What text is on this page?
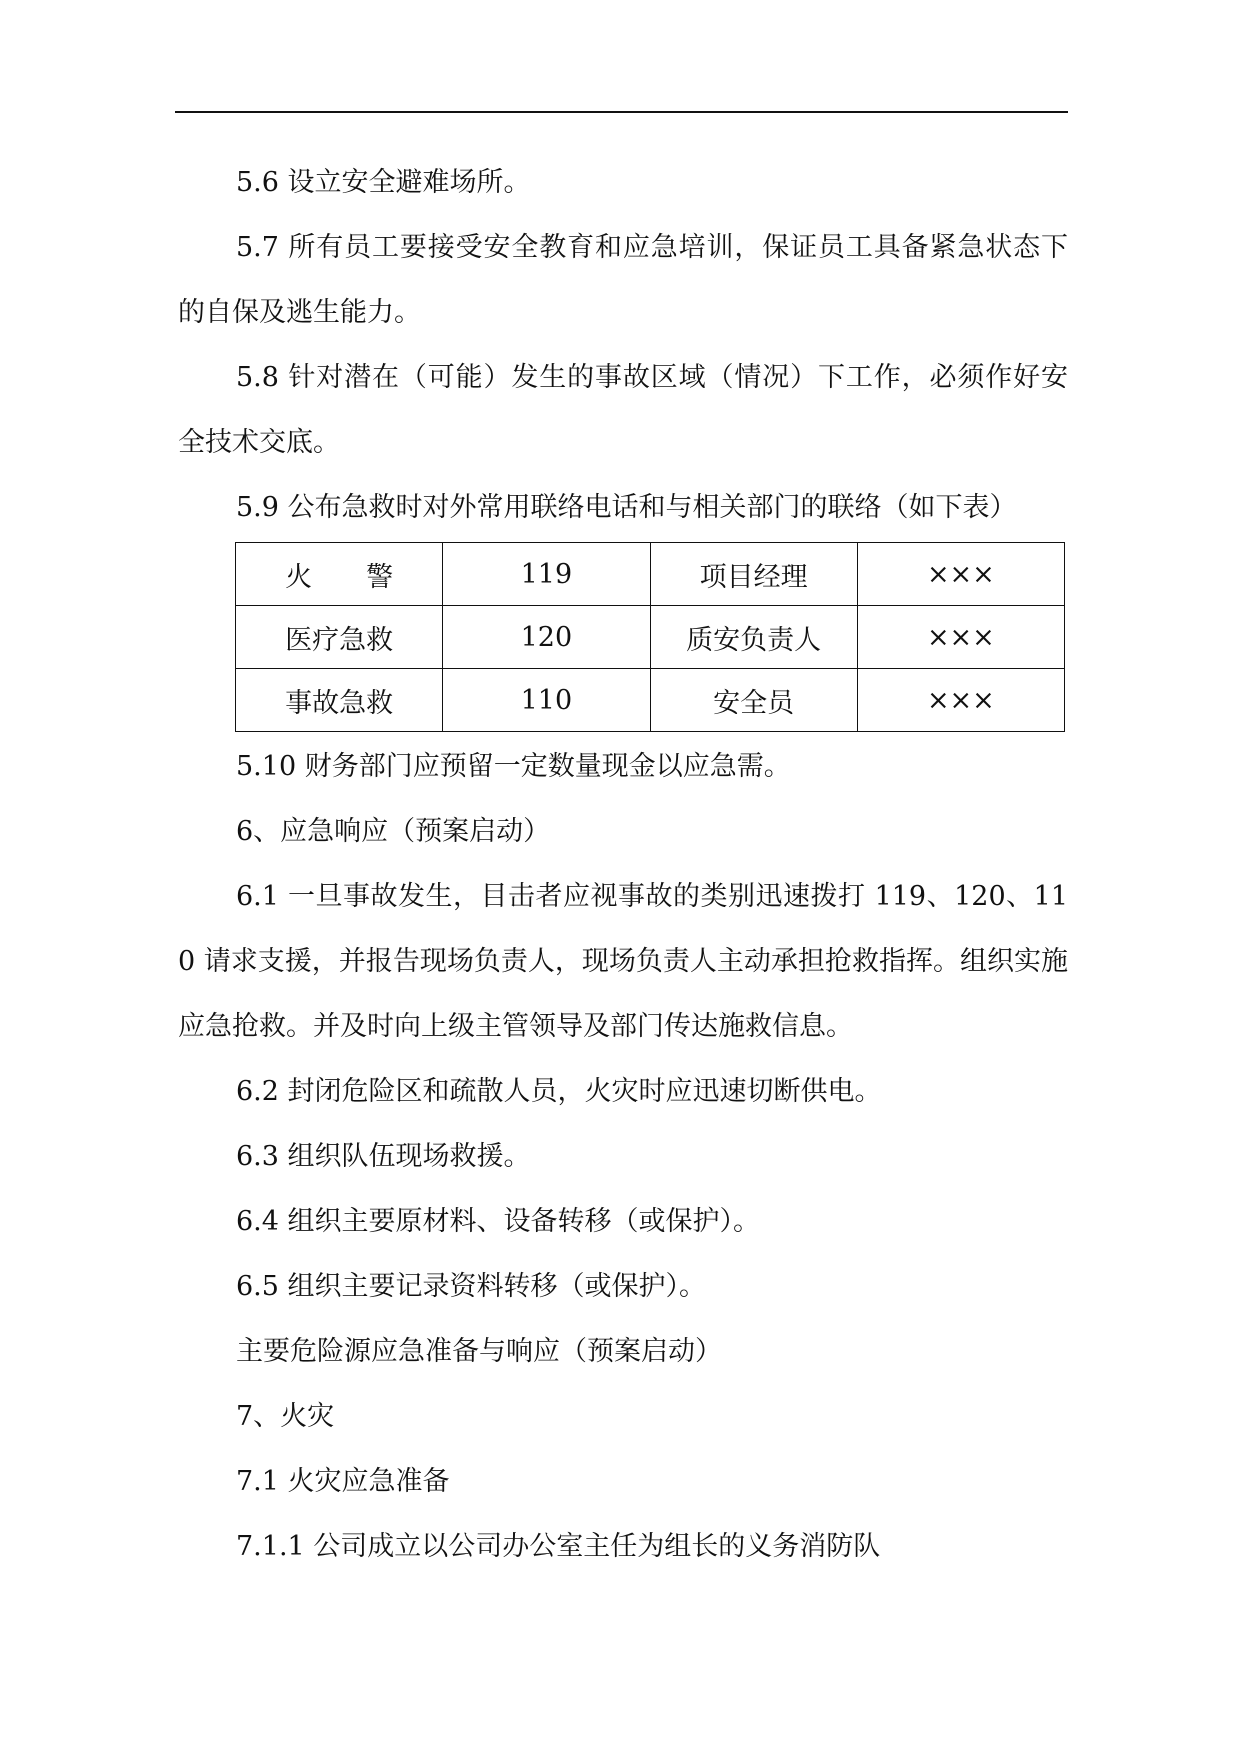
5.6 设立安全避难场所。

5.7 所有员工要接受安全教育和应急培训，保证员工具备紧急状态下的自保及逃生能力。

5.8 针对潜在（可能）发生的事故区域（情况）下工作，必须作好安全技术交底。

5.9 公布急救时对外常用联络电话和与相关部门的联络（如下表）

火　　警	119	项目经理	×××
医疗急救	120	质安负责人	×××
事故急救	110	安全员	×××

5.10 财务部门应预留一定数量现金以应急需。

6、应急响应（预案启动）

6.1 一旦事故发生，目击者应视事故的类别迅速拨打 119、120、110 请求支援，并报告现场负责人，现场负责人主动承担抢救指挥。组织实施应急抢救。并及时向上级主管领导及部门传达施救信息。

6.2 封闭危险区和疏散人员，火灾时应迅速切断供电。

6.3 组织队伍现场救援。

6.4 组织主要原材料、设备转移（或保护）。

6.5 组织主要记录资料转移（或保护）。

主要危险源应急准备与响应（预案启动）

7、火灾

7.1 火灾应急准备

7.1.1 公司成立以公司办公室主任为组长的义务消防队
